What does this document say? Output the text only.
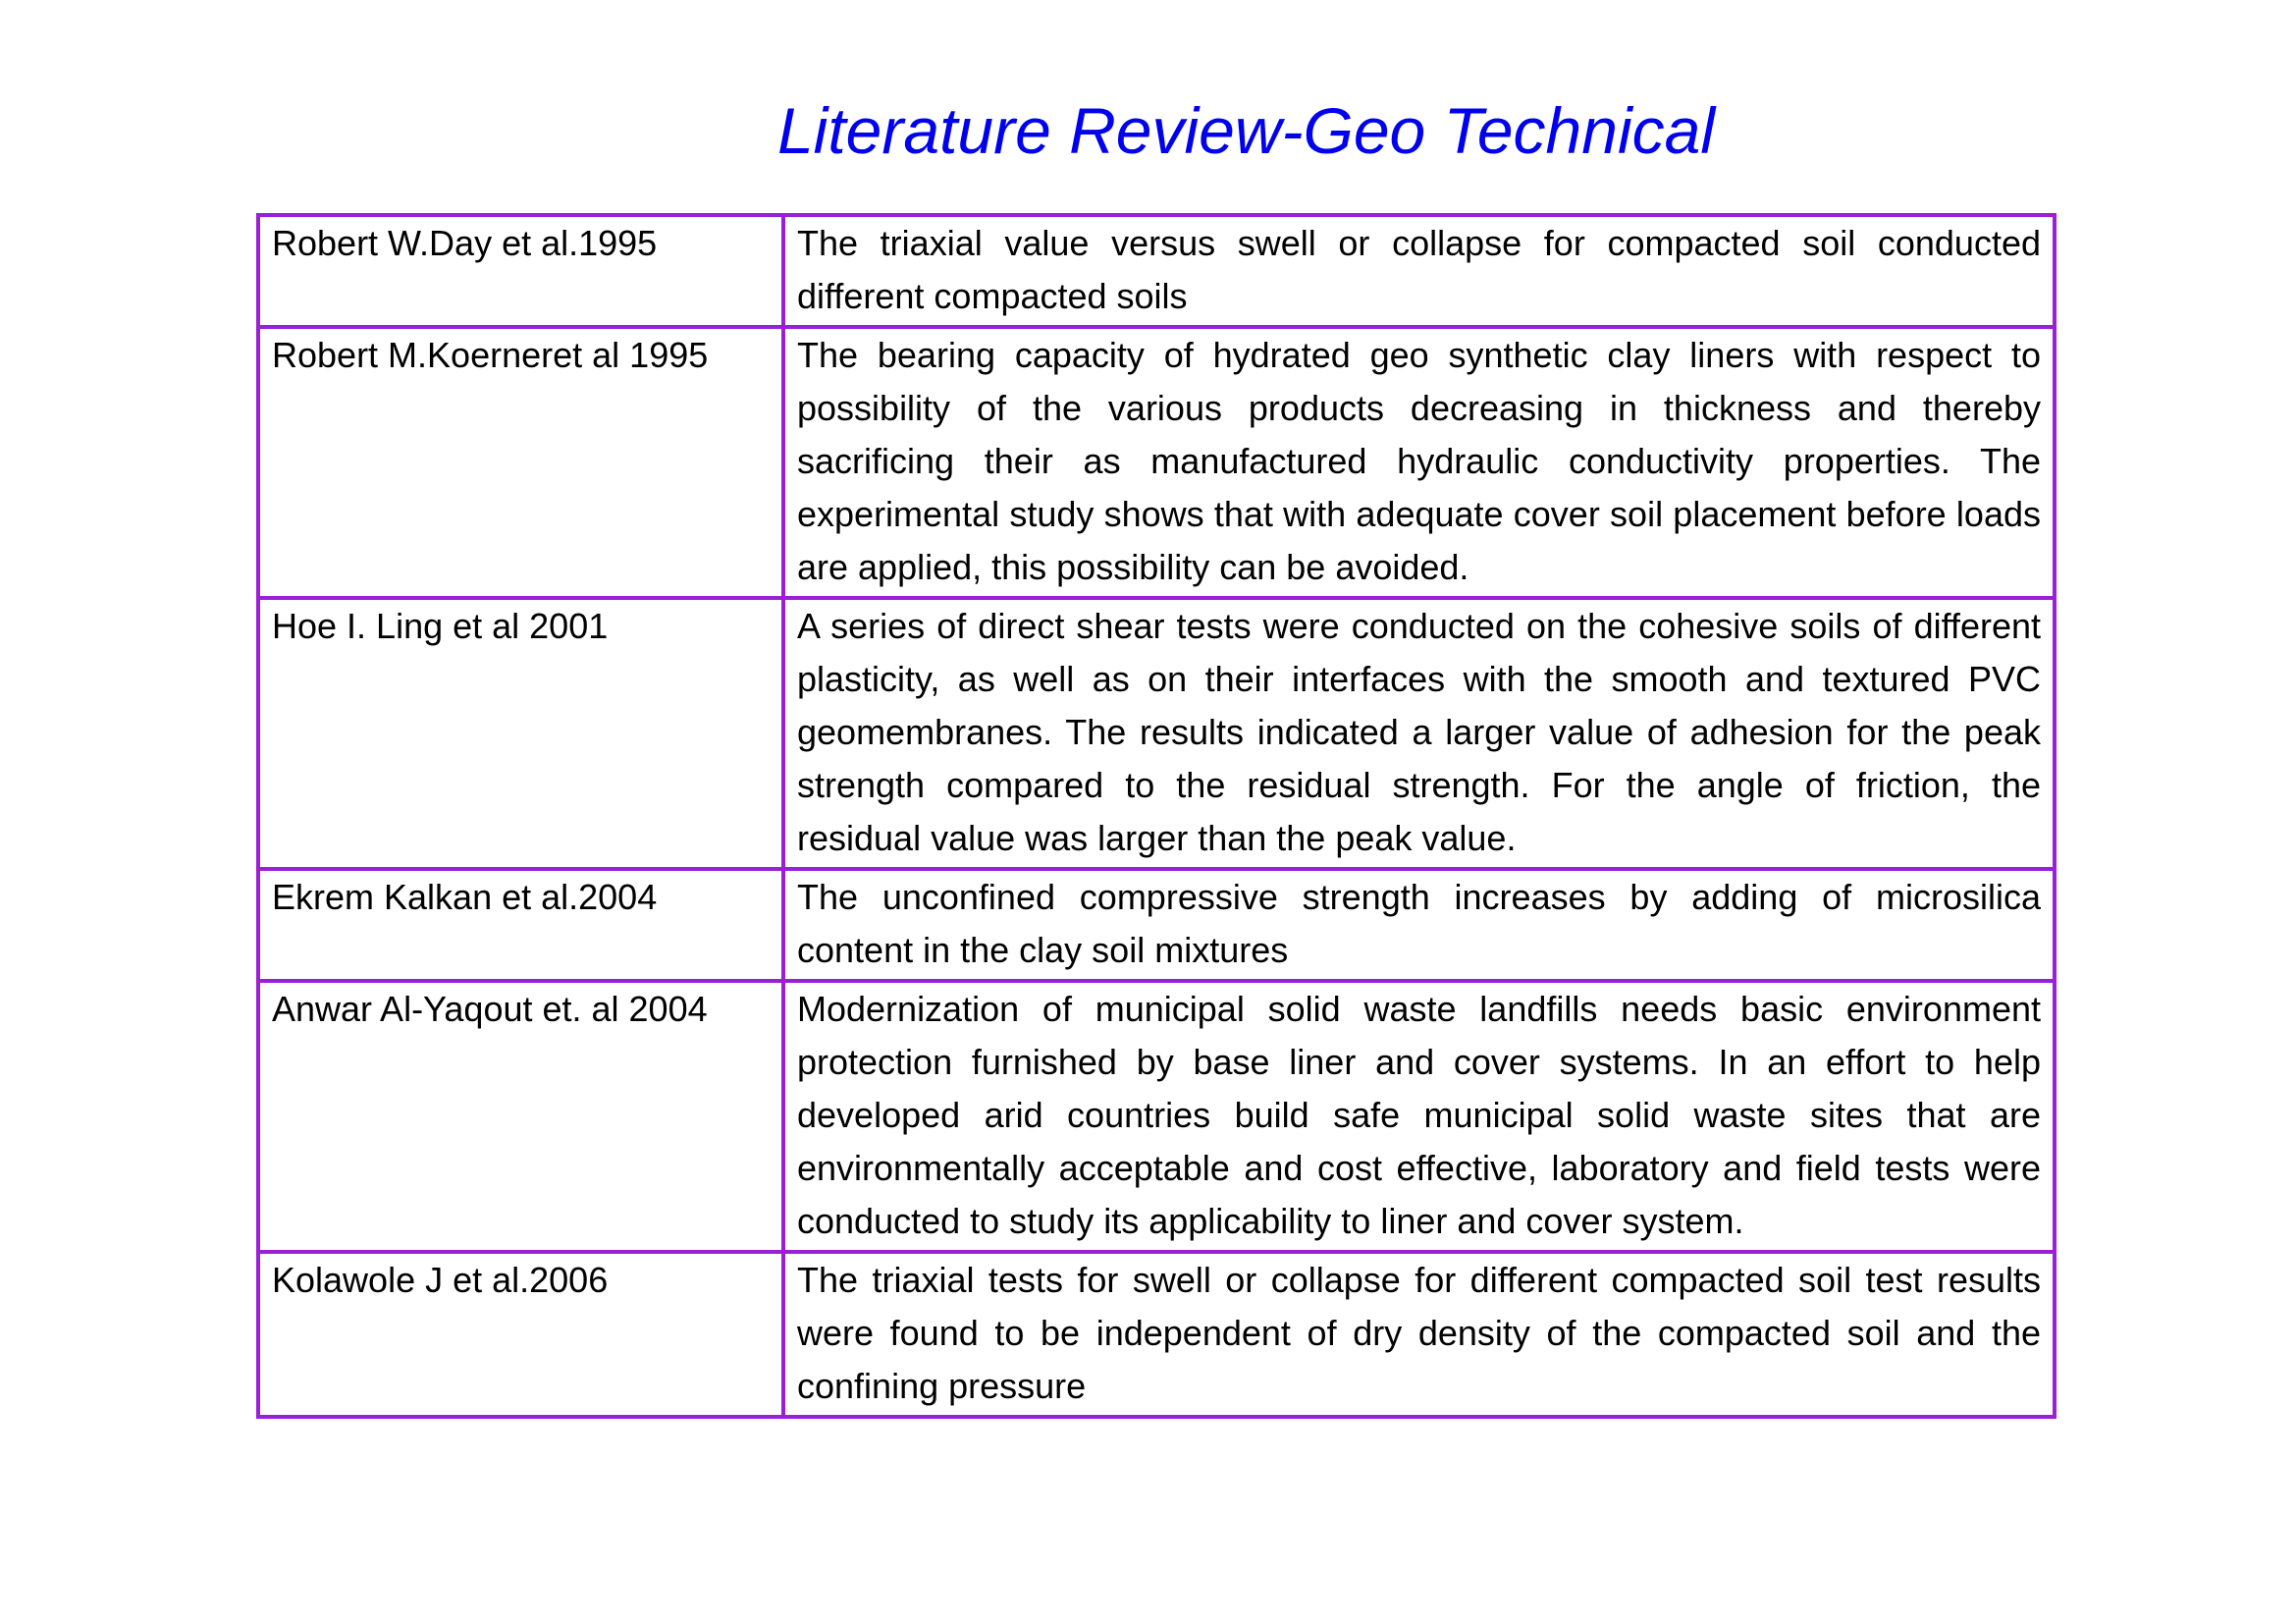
Literature Review-Geo Technical
Robert W.Day et al.1995	The triaxial value versus swell or collapse for compacted soil conducted different compacted soils
Robert M.Koerneret al 1995	The bearing capacity of hydrated geo synthetic clay liners with respect to possibility of the various products decreasing in thickness and thereby sacrificing their as manufactured hydraulic conductivity properties. The experimental study shows that with adequate cover soil placement before loads are applied, this possibility can be avoided.
Hoe I. Ling et al 2001	A series of direct shear tests were conducted on the cohesive soils of different plasticity, as well as on their interfaces with the smooth and textured PVC geomembranes. The results indicated a larger value of adhesion for the peak strength compared to the residual strength. For the angle of friction, the residual value was larger than the peak value.
Ekrem Kalkan et al.2004	The unconfined compressive strength increases by adding of microsilica content in the clay soil mixtures
Anwar Al-Yaqout et. al 2004	Modernization of municipal solid waste landfills needs basic environment protection furnished by base liner and cover systems. In an effort to help developed arid countries build safe municipal solid waste sites that are environmentally acceptable and cost effective, laboratory and field tests were conducted to study its applicability to liner and cover system.
Kolawole J et al.2006	The triaxial tests for swell or collapse for different compacted soil test results were found to be independent of dry density of the compacted soil and the confining pressure
